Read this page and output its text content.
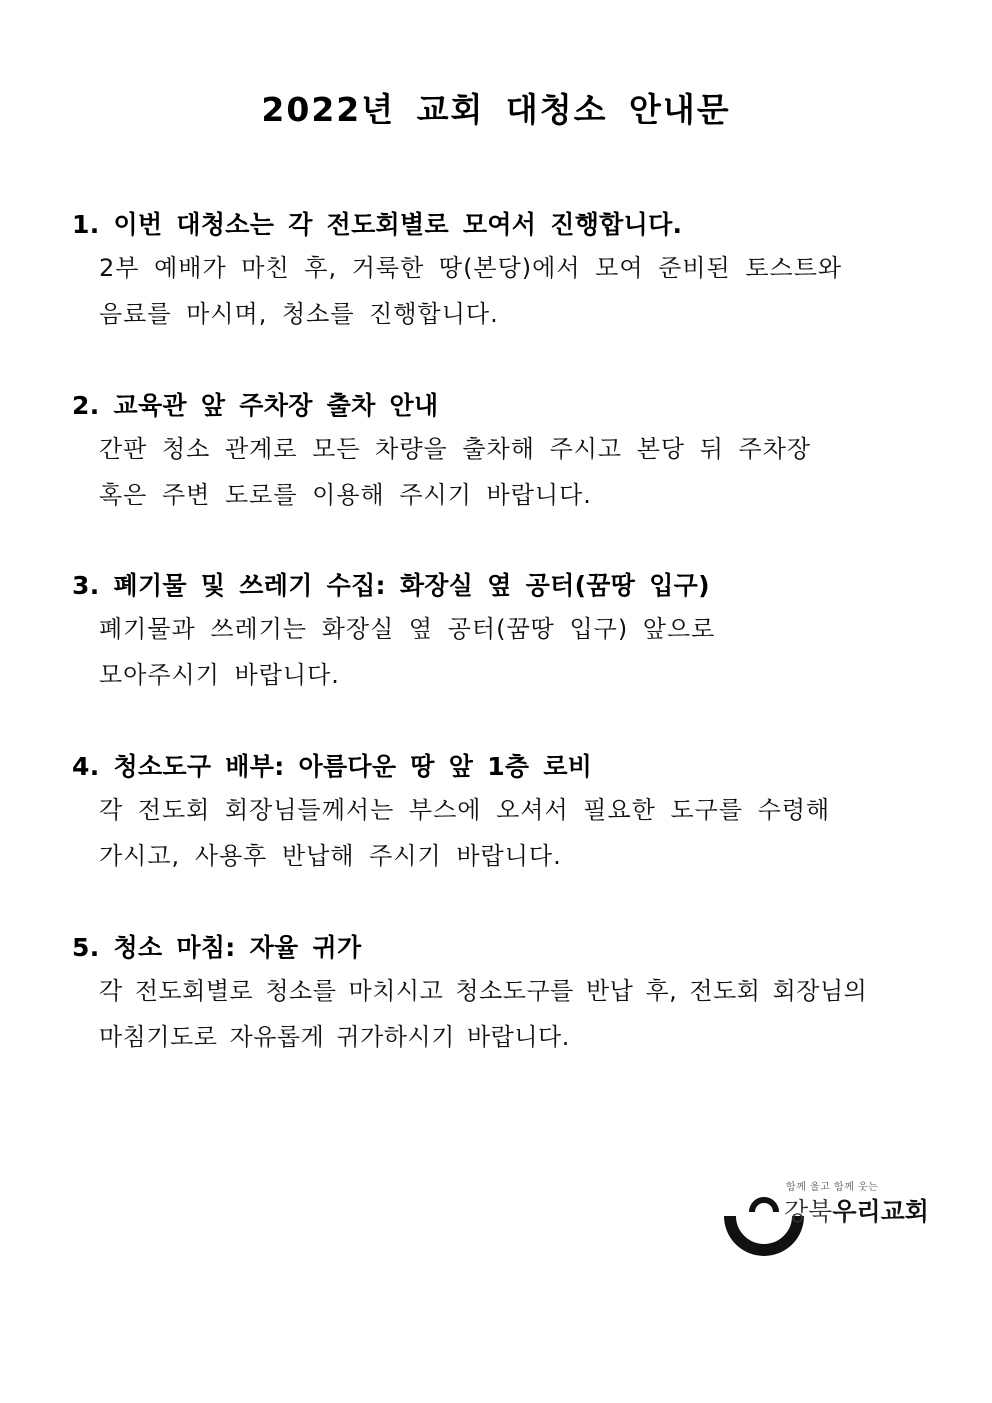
2022년 교회 대청소 안내문
1. 이번 대청소는 각 전도회별로 모여서 진행합니다.
2부 예배가 마친 후, 거룩한 땅(본당)에서 모여 준비된 토스트와
음료를 마시며, 청소를 진행합니다.
2. 교육관 앞 주차장 출차 안내
간판 청소 관계로 모든 차량을 출차해 주시고 본당 뒤 주차장
혹은 주변 도로를 이용해 주시기 바랍니다.
3. 폐기물 및 쓰레기 수집: 화장실 옆 공터(꿈땅 입구)
폐기물과 쓰레기는 화장실 옆 공터(꿈땅 입구) 앞으로
모아주시기 바랍니다.
4. 청소도구 배부: 아름다운 땅 앞 1층 로비
각 전도회 회장님들께서는 부스에 오셔서 필요한 도구를 수령해
가시고, 사용후 반납해 주시기 바랍니다.
5. 청소 마침: 자율 귀가
각 전도회별로 청소를 마치시고 청소도구를 반납 후, 전도회 회장님의
마침기도로 자유롭게 귀가하시기 바랍니다.
함께 울고 함께 웃는
강북우리교회
